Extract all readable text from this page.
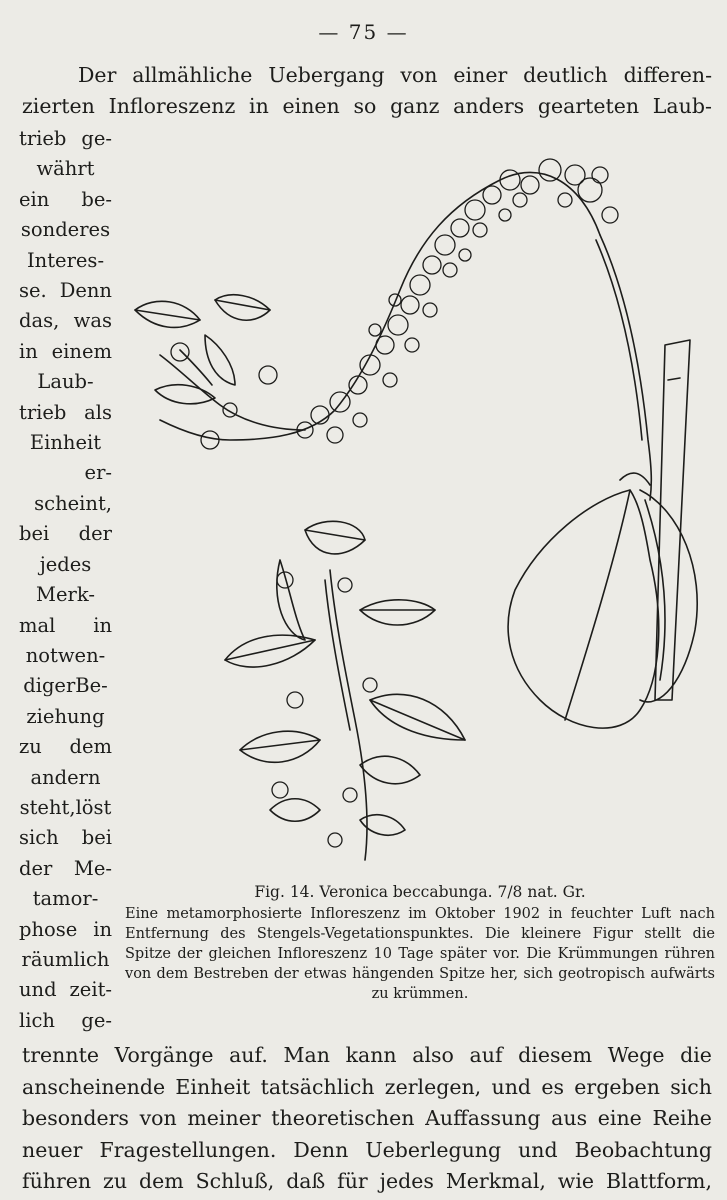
— 75 —
Der allmähliche Uebergang von einer deutlich differen-
zierten Infloreszenz in einen so ganz anders gearteten Laub-
trieb ge-
währt
ein be-
sonderes
Interes-
se. Denn
das, was
in einem
Laub-
trieb als
Einheit
er-
scheint,
bei der
jedes
Merk-
mal in
notwen-
digerBe-
ziehung
zu dem
andern
steht,löst
sich bei
der Me-
tamor-
phose in
räumlich
und zeit-
lich ge-
Fig. 14. Veronica beccabunga. 7/8 nat. Gr.
Eine metamorphosierte Infloreszenz im Oktober 1902 in feuchter Luft nach Entfernung des Stengels-Vegetationspunktes. Die kleinere Figur stellt die Spitze der gleichen Infloreszenz 10 Tage später vor. Die Krümmungen rühren von dem Bestreben der etwas hängenden Spitze her, sich geotropisch aufwärts zu krümmen.
trennte Vorgänge auf. Man kann also auf diesem Wege die
anscheinende Einheit tatsächlich zerlegen, und es ergeben sich
besonders von meiner theoretischen Auffassung aus eine Reihe
neuer Fragestellungen. Denn Ueberlegung und Beobachtung
führen zu dem Schluß, daß für jedes Merkmal, wie Blattform,
